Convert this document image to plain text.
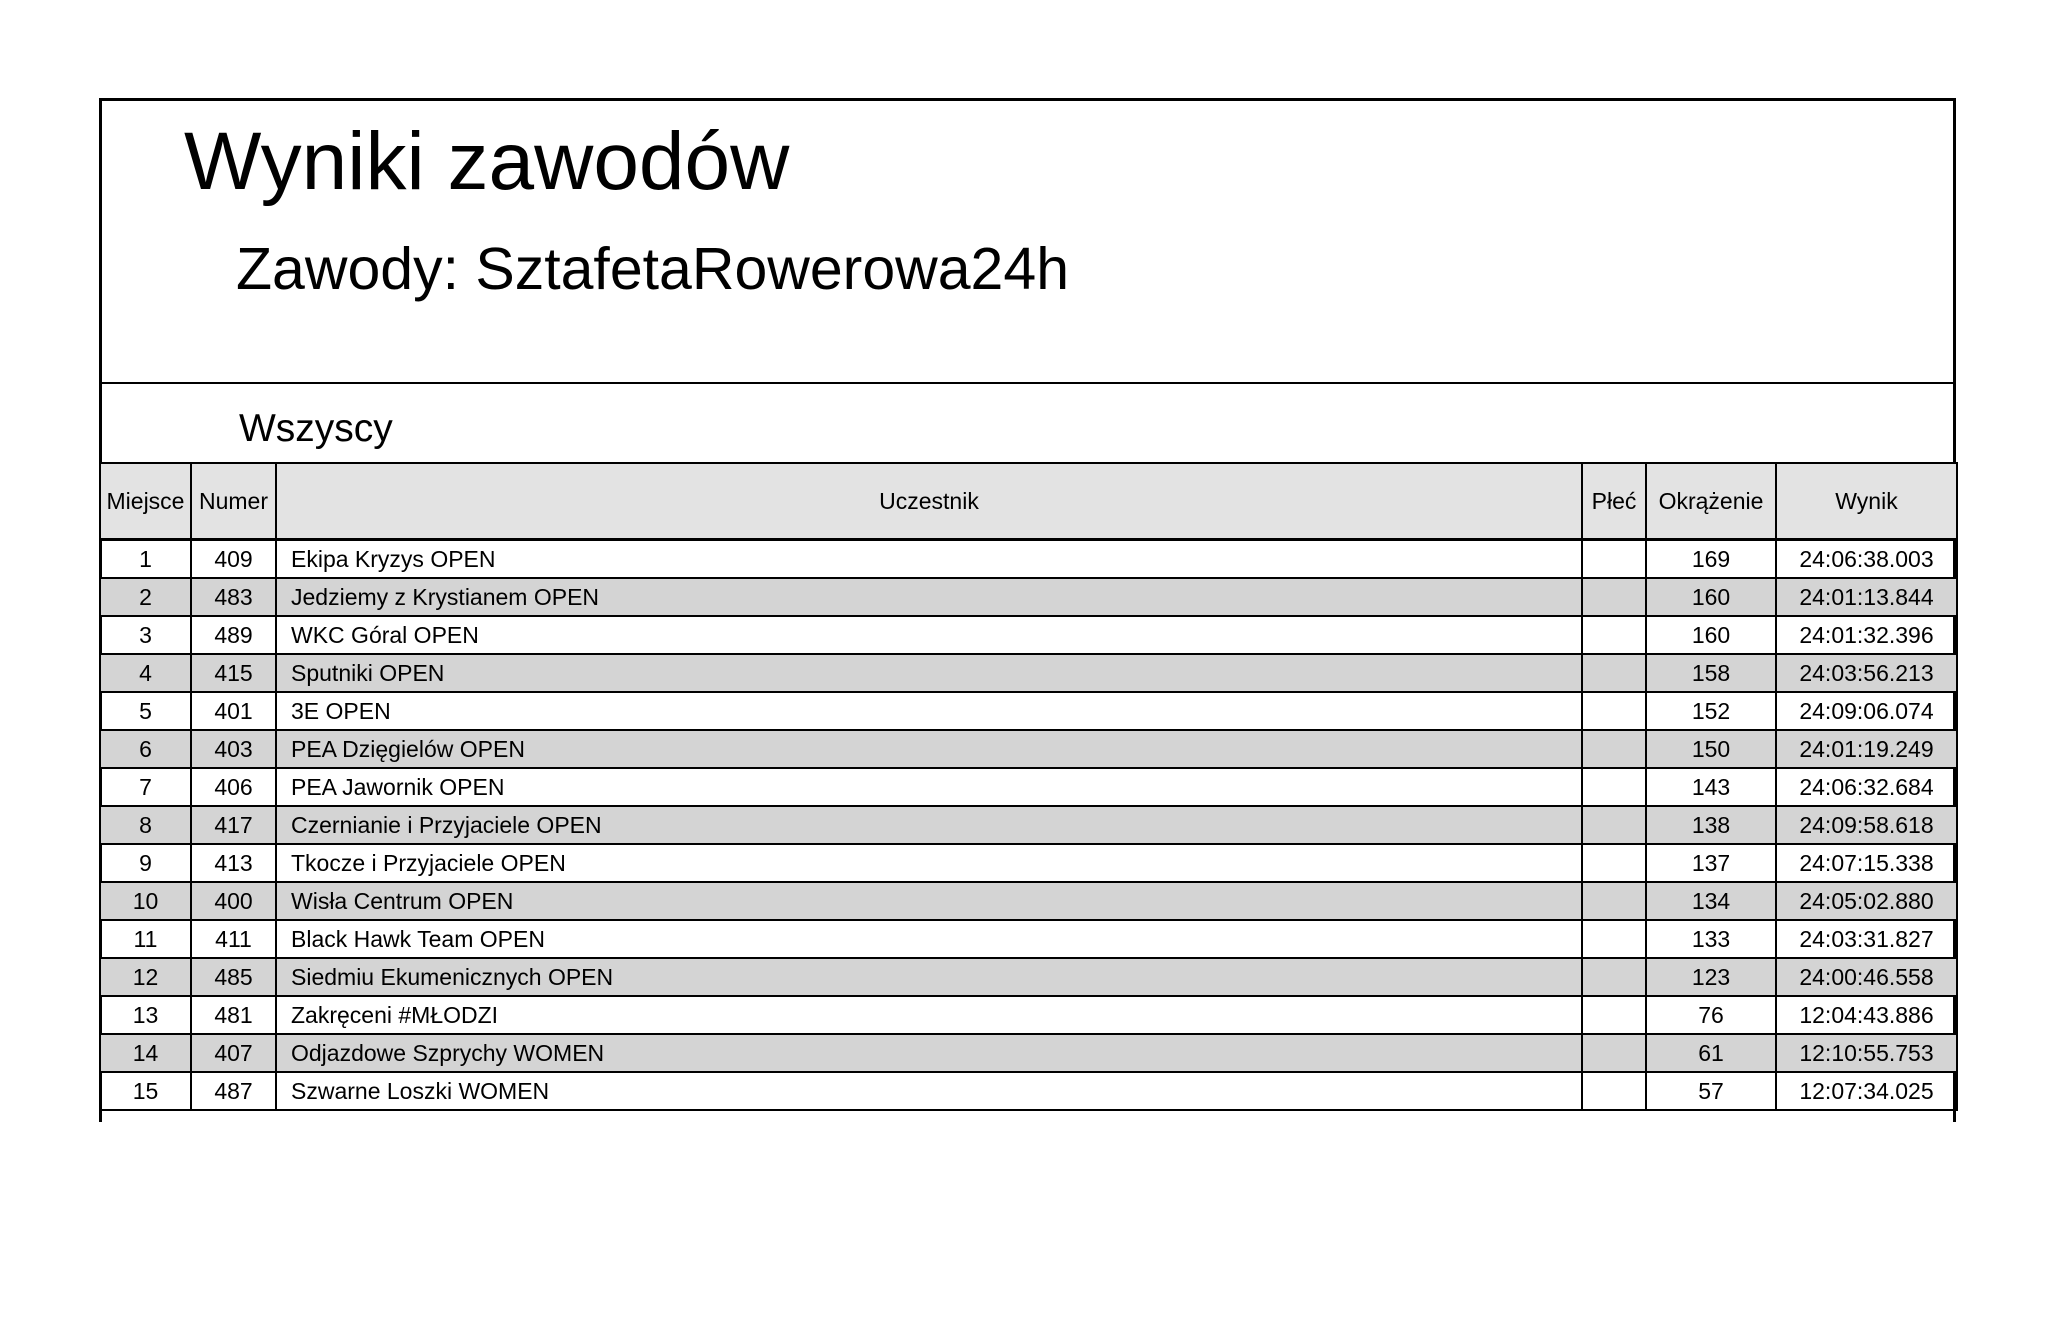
Wyniki zawodów
Zawody: SztafetaRowerowa24h
Wszyscy
Miejsce	Numer	Uczestnik	Płeć	Okrążenie	Wynik
1	409	Ekipa Kryzys OPEN		169	24:06:38.003
2	483	Jedziemy z Krystianem OPEN		160	24:01:13.844
3	489	WKC Góral OPEN		160	24:01:32.396
4	415	Sputniki OPEN		158	24:03:56.213
5	401	3E OPEN		152	24:09:06.074
6	403	PEA Dzięgielów OPEN		150	24:01:19.249
7	406	PEA Jawornik OPEN		143	24:06:32.684
8	417	Czernianie i Przyjaciele OPEN		138	24:09:58.618
9	413	Tkocze i Przyjaciele OPEN		137	24:07:15.338
10	400	Wisła Centrum OPEN		134	24:05:02.880
11	411	Black Hawk Team OPEN		133	24:03:31.827
12	485	Siedmiu Ekumenicznych OPEN		123	24:00:46.558
13	481	Zakręceni #MŁODZI		76	12:04:43.886
14	407	Odjazdowe Szprychy WOMEN		61	12:10:55.753
15	487	Szwarne Loszki WOMEN		57	12:07:34.025
